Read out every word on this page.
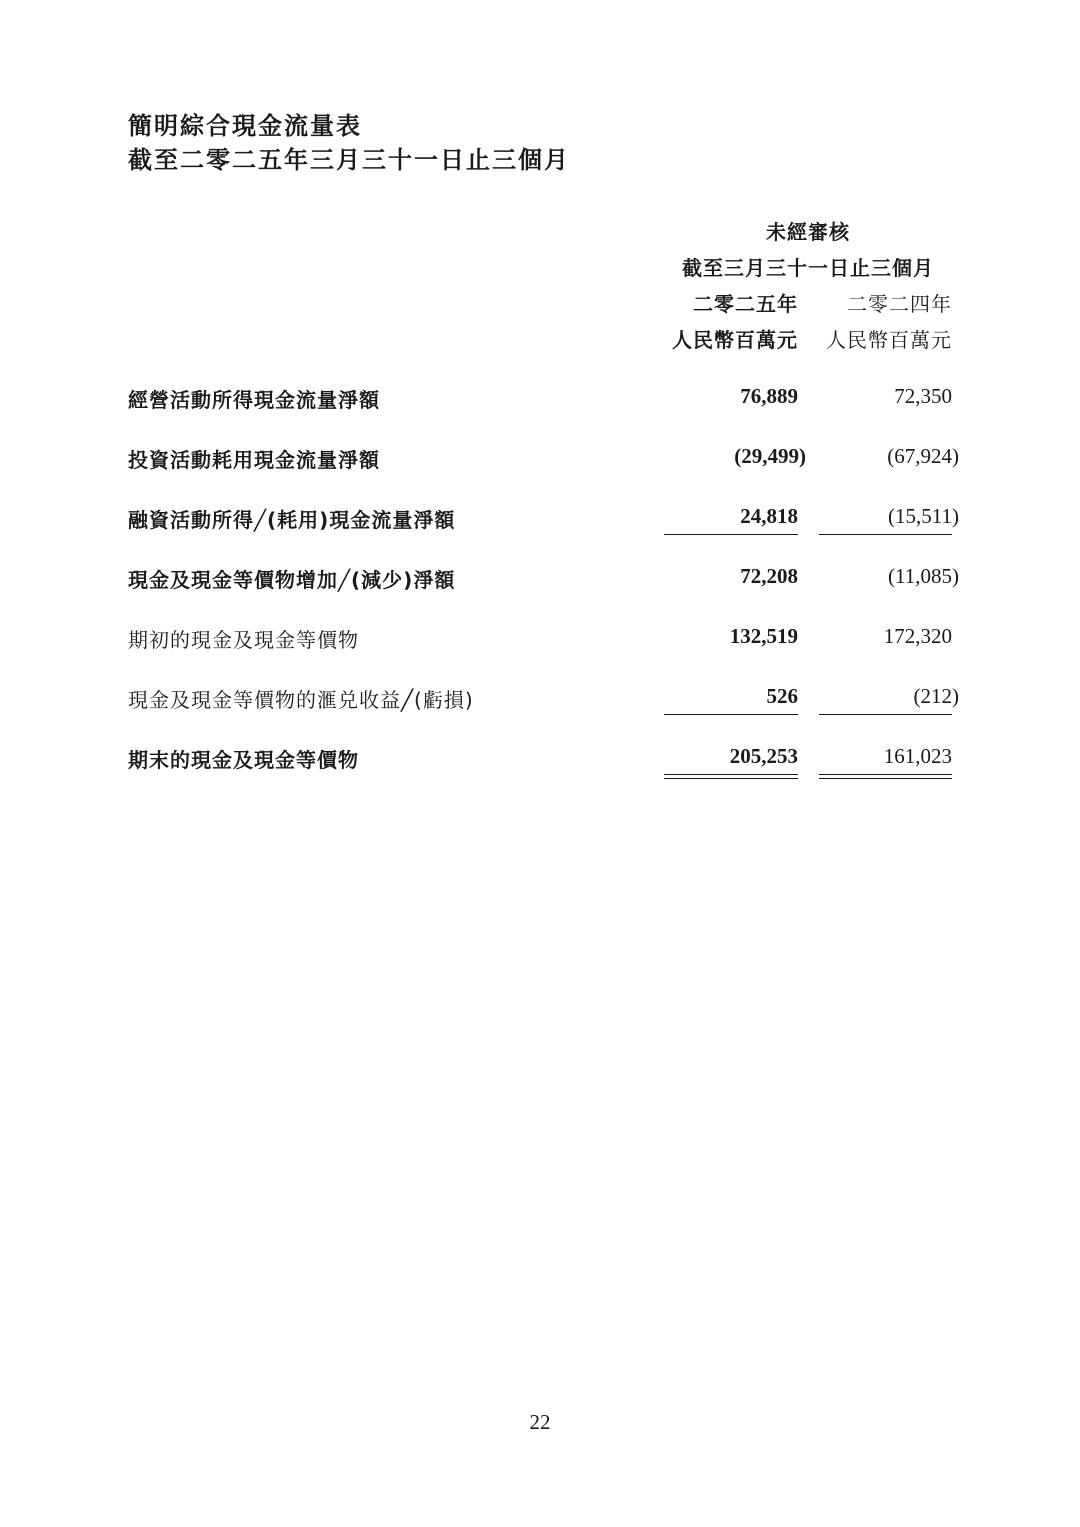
簡明綜合現金流量表
截至二零二五年三月三十一日止三個月
未經審核
截至三月三十一日止三個月
二零二五年 二零二四年
人民幣百萬元 人民幣百萬元
經營活動所得現金流量淨額	76,889	72,350
投資活動耗用現金流量淨額	(29,499)	(67,924)
融資活動所得╱(耗用)現金流量淨額	24,818	(15,511)
現金及現金等價物增加╱(減少)淨額	72,208	(11,085)
期初的現金及現金等價物	132,519	172,320
現金及現金等價物的滙兑收益╱(虧損)	526	(212)
期末的現金及現金等價物	205,253	161,023
22
